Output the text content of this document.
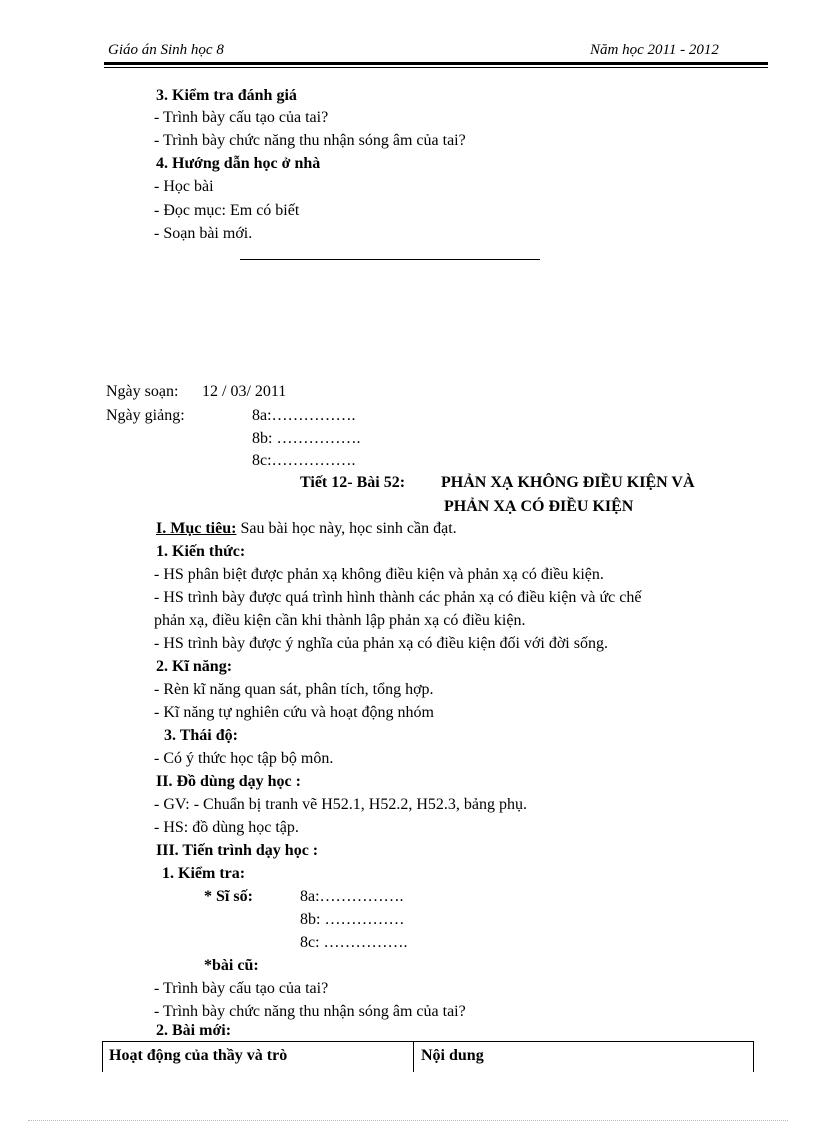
Giáo án Sinh học 8	Năm học 2011 - 2012
3. Kiểm tra đánh giá
- Trình bày cấu tạo của tai?
- Trình bày chức năng thu nhận sóng âm của tai?
4. Hướng dẫn học ở nhà
- Học bài
- Đọc mục: Em có biết
- Soạn bài mới.
Ngày soạn: 12 / 03/ 2011
Ngày giảng:	8a:…………….
8b: …………….
8c:…………….
Tiết 12- Bài 52: PHẢN XẠ KHÔNG ĐIỀU KIỆN VÀ
PHẢN XẠ CÓ ĐIỀU KIỆN
I. Mục tiêu: Sau bài học này, học sinh cần đạt.
1. Kiến thức:
- HS phân biệt được phản xạ không điều kiện và phản xạ có điều kiện.
- HS trình bày được quá trình hình thành các phản xạ có điều kiện và ức chế
phản xạ, điều kiện cần khi thành lập phản xạ có điều kiện.
- HS trình bày được ý nghĩa của phản xạ có điều kiện đối với đời sống.
2. Kĩ năng:
- Rèn kĩ năng quan sát, phân tích, tổng hợp.
- Kĩ năng tự nghiên cứu và hoạt động nhóm
3. Thái độ:
- Có ý thức học tập bộ môn.
II. Đồ dùng dạy học :
- GV: - Chuẩn bị tranh vẽ H52.1, H52.2, H52.3, bảng phụ.
- HS: đồ dùng học tập.
III. Tiến trình dạy học :
1. Kiểm tra:
* Sĩ số:	8a:…………….
8b: ……………
8c: …………….
*bài cũ:
- Trình bày cấu tạo của tai?
- Trình bày chức năng thu nhận sóng âm của tai?
2. Bài mới:
Hoạt động của thầy và trò	Nội dung
